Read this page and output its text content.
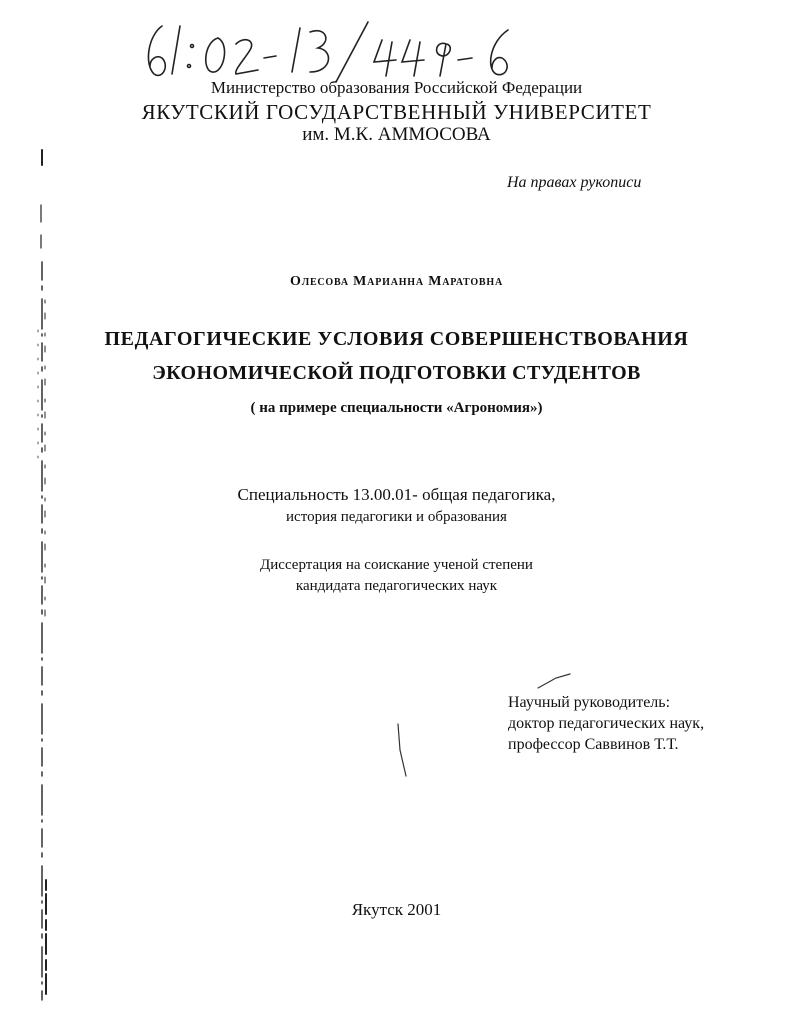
Министерство образования Российской Федерации
ЯКУТСКИЙ ГОСУДАРСТВЕННЫЙ УНИВЕРСИТЕТ
им. М.К. АММОСОВА
На правах рукописи
Олесова Марианна Маратовна
ПЕДАГОГИЧЕСКИЕ УСЛОВИЯ СОВЕРШЕНСТВОВАНИЯ
ЭКОНОМИЧЕСКОЙ ПОДГОТОВКИ СТУДЕНТОВ
( на примере специальности «Агрономия»)
Специальность 13.00.01- общая педагогика,
история педагогики и образования
Диссертация на соискание ученой степени
кандидата педагогических наук
Научный руководитель:
доктор педагогических наук,
профессор Саввинов Т.Т.
Якутск 2001
